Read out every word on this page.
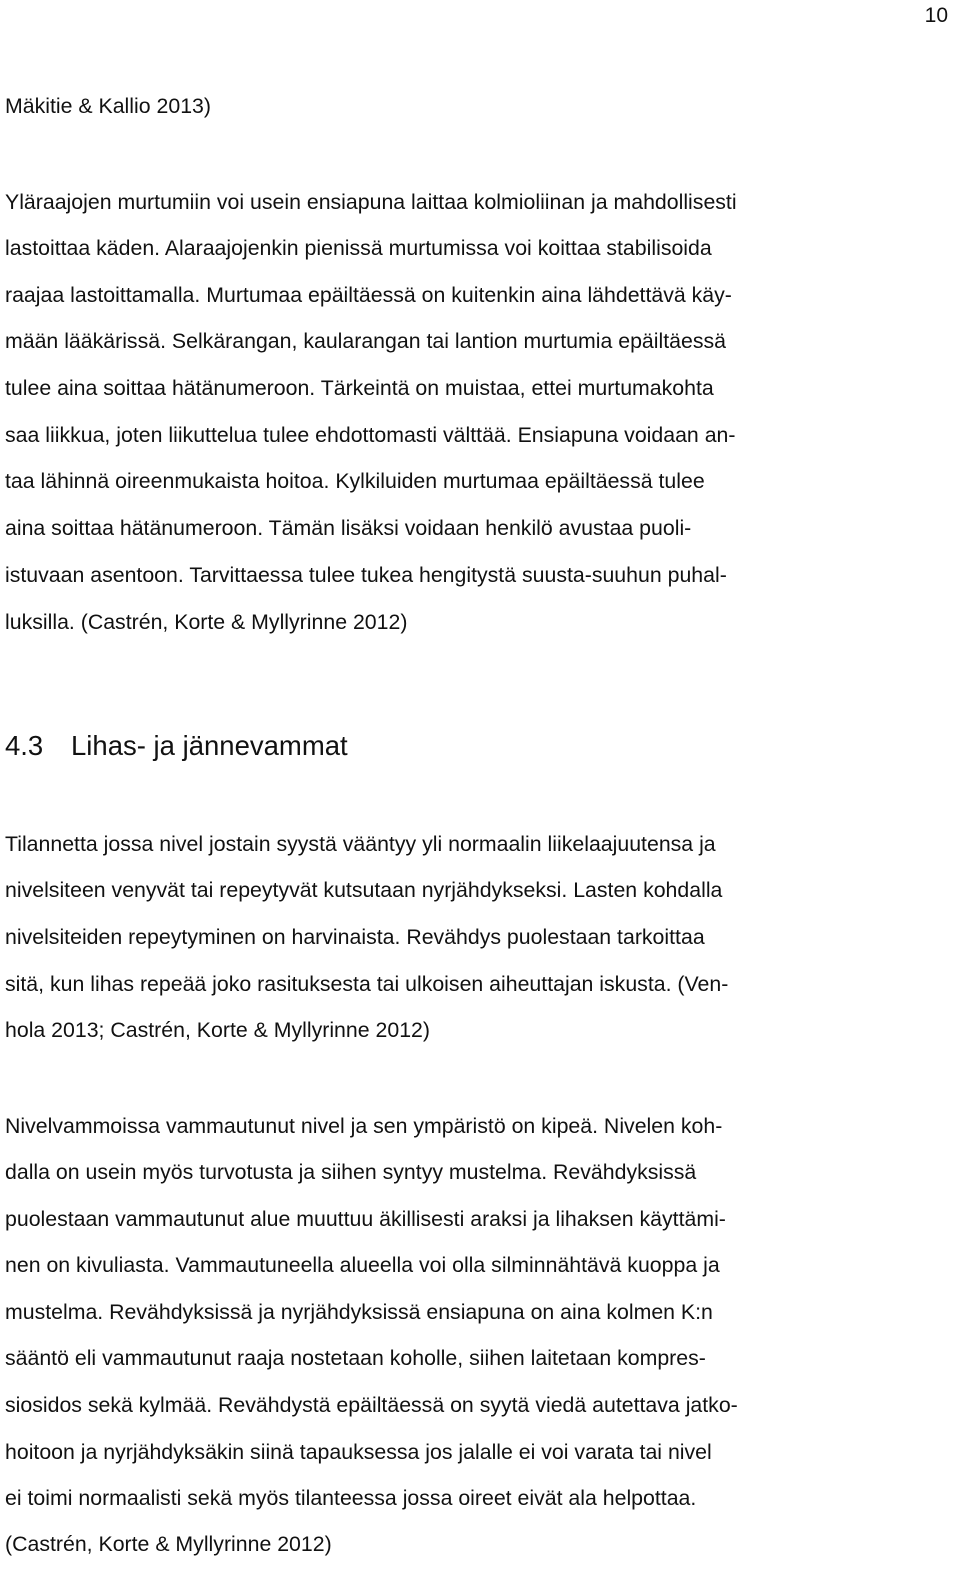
10
Mäkitie & Kallio 2013)
Yläraajojen murtumiin voi usein ensiapuna laittaa kolmioliinan ja mahdollisesti
lastoittaa käden. Alaraajojenkin pienissä murtumissa voi koittaa stabilisoida
raajaa lastoittamalla. Murtumaa epäiltäessä on kuitenkin aina lähdettävä käy-
mään lääkärissä. Selkärangan, kaularangan tai lantion murtumia epäiltäessä
tulee aina soittaa hätänumeroon. Tärkeintä on muistaa, ettei murtumakohta
saa liikkua, joten liikuttelua tulee ehdottomasti välttää. Ensiapuna voidaan an-
taa lähinnä oireenmukaista hoitoa. Kylkiluiden murtumaa epäiltäessä tulee
aina soittaa hätänumeroon. Tämän lisäksi voidaan henkilö avustaa puoli-
istuvaan asentoon. Tarvittaessa tulee tukea hengitystä suusta-suuhun puhal-
luksilla. (Castrén, Korte & Myllyrinne 2012)
4.3 Lihas- ja jännevammat
Tilannetta jossa nivel jostain syystä vääntyy yli normaalin liikelaajuutensa ja
nivelsiteen venyvät tai repeytyvät kutsutaan nyrjähdykseksi. Lasten kohdalla
nivelsiteiden repeytyminen on harvinaista. Revähdys puolestaan tarkoittaa
sitä, kun lihas repeää joko rasituksesta tai ulkoisen aiheuttajan iskusta. (Ven-
hola 2013; Castrén, Korte & Myllyrinne 2012)
Nivelvammoissa vammautunut nivel ja sen ympäristö on kipeä. Nivelen koh-
dalla on usein myös turvotusta ja siihen syntyy mustelma. Revähdyksissä
puolestaan vammautunut alue muuttuu äkillisesti araksi ja lihaksen käyttämi-
nen on kivuliasta. Vammautuneella alueella voi olla silminnähtävä kuoppa ja
mustelma. Revähdyksissä ja nyrjähdyksissä ensiapuna on aina kolmen K:n
sääntö eli vammautunut raaja nostetaan koholle, siihen laitetaan kompres-
siosidos sekä kylmää. Revähdystä epäiltäessä on syytä viedä autettava jatko-
hoitoon ja nyrjähdyksäkin siinä tapauksessa jos jalalle ei voi varata tai nivel
ei toimi normaalisti sekä myös tilanteessa jossa oireet eivät ala helpottaa.
(Castrén, Korte & Myllyrinne 2012)
